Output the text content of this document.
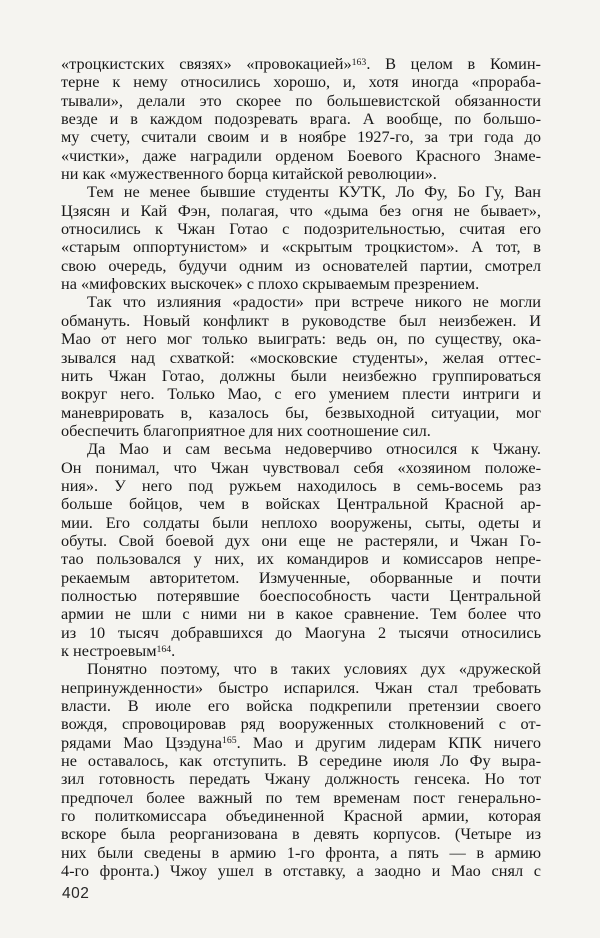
«троцкистских связях» «провокацией»$^{163}$. В целом в Комин-
терне к нему относились хорошо, и, хотя иногда «прораба-
тывали», делали это скорее по большевистской обязанности
везде и в каждом подозревать врага. А вообще, по большо-
му счету, считали своим и в ноябре 1927-го, за три года до
«чистки», даже наградили орденом Боевого Красного Знаме-
ни как «мужественного борца китайской революции».
Тем не менее бывшие студенты КУТК, Ло Фу, Бо Гу, Ван
Цзясян и Кай Фэн, полагая, что «дыма без огня не бывает»,
относились к Чжан Готао с подозрительностью, считая его
«старым оппортунистом» и «скрытым троцкистом». А тот, в
свою очередь, будучи одним из основателей партии, смотрел
на «мифовских выскочек» с плохо скрываемым презрением.
Так что излияния «радости» при встрече никого не могли
обмануть. Новый конфликт в руководстве был неизбежен. И
Мао от него мог только выиграть: ведь он, по существу, ока-
зывался над схваткой: «московские студенты», желая оттес-
нить Чжан Готао, должны были неизбежно группироваться
вокруг него. Только Мао, с его умением плести интриги и
маневрировать в, казалось бы, безвыходной ситуации, мог
обеспечить благоприятное для них соотношение сил.
Да Мао и сам весьма недоверчиво относился к Чжану.
Он понимал, что Чжан чувствовал себя «хозяином положе-
ния». У него под ружьем находилось в семь-восемь раз
больше бойцов, чем в войсках Центральной Красной ар-
мии. Его солдаты были неплохо вооружены, сыты, одеты и
обуты. Свой боевой дух они еще не растеряли, и Чжан Го-
тао пользовался у них, их командиров и комиссаров непре-
рекаемым авторитетом. Измученные, оборванные и почти
полностью потерявшие боеспособность части Центральной
армии не шли с ними ни в какое сравнение. Тем более что
из 10 тысяч добравшихся до Маогуна 2 тысячи относились
к нестроевым$^{164}$.
Понятно поэтому, что в таких условиях дух «дружеской
непринужденности» быстро испарился. Чжан стал требовать
власти. В июле его войска подкрепили претензии своего
вождя, спровоцировав ряд вооруженных столкновений с от-
рядами Мао Цзэдуна$^{165}$. Мао и другим лидерам КПК ничего
не оставалось, как отступить. В середине июля Ло Фу выра-
зил готовность передать Чжану должность генсека. Но тот
предпочел более важный по тем временам пост генерально-
го политкомиссара объединенной Красной армии, которая
вскоре была реорганизована в девять корпусов. (Четыре из
них были сведены в армию 1-го фронта, а пять — в армию
4-го фронта.) Чжоу ушел в отставку, а заодно и Мао снял с
402
